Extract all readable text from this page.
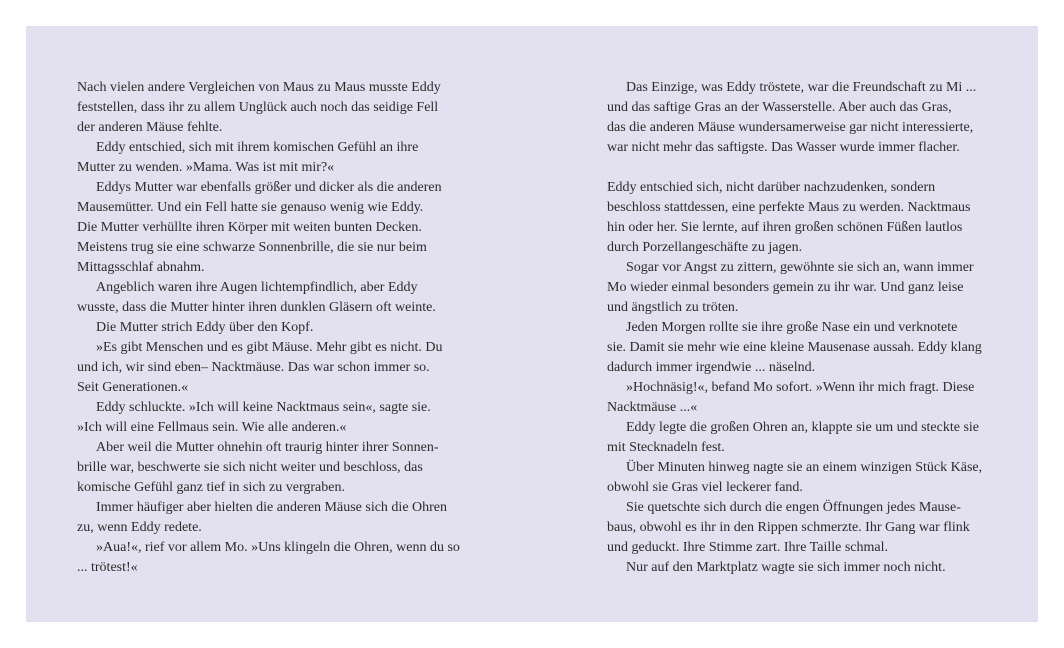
Nach vielen andere Vergleichen von Maus zu Maus musste Eddy
feststellen, dass ihr zu allem Unglück auch noch das seidige Fell
der anderen Mäuse fehlte.
Eddy entschied, sich mit ihrem komischen Gefühl an ihre
Mutter zu wenden. »Mama. Was ist mit mir?«
Eddys Mutter war ebenfalls größer und dicker als die anderen
Mausemütter. Und ein Fell hatte sie genauso wenig wie Eddy.
Die Mutter verhüllte ihren Körper mit weiten bunten Decken.
Meistens trug sie eine schwarze Sonnenbrille, die sie nur beim
Mittagsschlaf abnahm.
Angeblich waren ihre Augen lichtempfindlich, aber Eddy
wusste, dass die Mutter hinter ihren dunklen Gläsern oft weinte.
Die Mutter strich Eddy über den Kopf.
»Es gibt Menschen und es gibt Mäuse. Mehr gibt es nicht. Du
und ich, wir sind eben– Nacktmäuse. Das war schon immer so.
Seit Generationen.«
Eddy schluckte. »Ich will keine Nacktmaus sein«, sagte sie.
»Ich will eine Fellmaus sein. Wie alle anderen.«
Aber weil die Mutter ohnehin oft traurig hinter ihrer Sonnen-
brille war, beschwerte sie sich nicht weiter und beschloss, das
komische Gefühl ganz tief in sich zu vergraben.
Immer häufiger aber hielten die anderen Mäuse sich die Ohren
zu, wenn Eddy redete.
»Aua!«, rief vor allem Mo. »Uns klingeln die Ohren, wenn du so
... trötest!«
Das Einzige, was Eddy tröstete, war die Freundschaft zu Mi ...
und das saftige Gras an der Wasserstelle. Aber auch das Gras,
das die anderen Mäuse wundersamerweise gar nicht interessierte,
war nicht mehr das saftigste. Das Wasser wurde immer flacher.
Eddy entschied sich, nicht darüber nachzudenken, sondern
beschloss stattdessen, eine perfekte Maus zu werden. Nacktmaus
hin oder her. Sie lernte, auf ihren großen schönen Füßen lautlos
durch Porzellangeschäfte zu jagen.
Sogar vor Angst zu zittern, gewöhnte sie sich an, wann immer
Mo wieder einmal besonders gemein zu ihr war. Und ganz leise
und ängstlich zu tröten.
Jeden Morgen rollte sie ihre große Nase ein und verknotete
sie. Damit sie mehr wie eine kleine Mausenase aussah. Eddy klang
dadurch immer irgendwie ... näselnd.
»Hochnäsig!«, befand Mo sofort. »Wenn ihr mich fragt. Diese
Nacktmäuse ...«
Eddy legte die großen Ohren an, klappte sie um und steckte sie
mit Stecknadeln fest.
Über Minuten hinweg nagte sie an einem winzigen Stück Käse,
obwohl sie Gras viel leckerer fand.
Sie quetschte sich durch die engen Öffnungen jedes Mause-
baus, obwohl es ihr in den Rippen schmerzte. Ihr Gang war flink
und geduckt. Ihre Stimme zart. Ihre Taille schmal.
Nur auf den Marktplatz wagte sie sich immer noch nicht.
